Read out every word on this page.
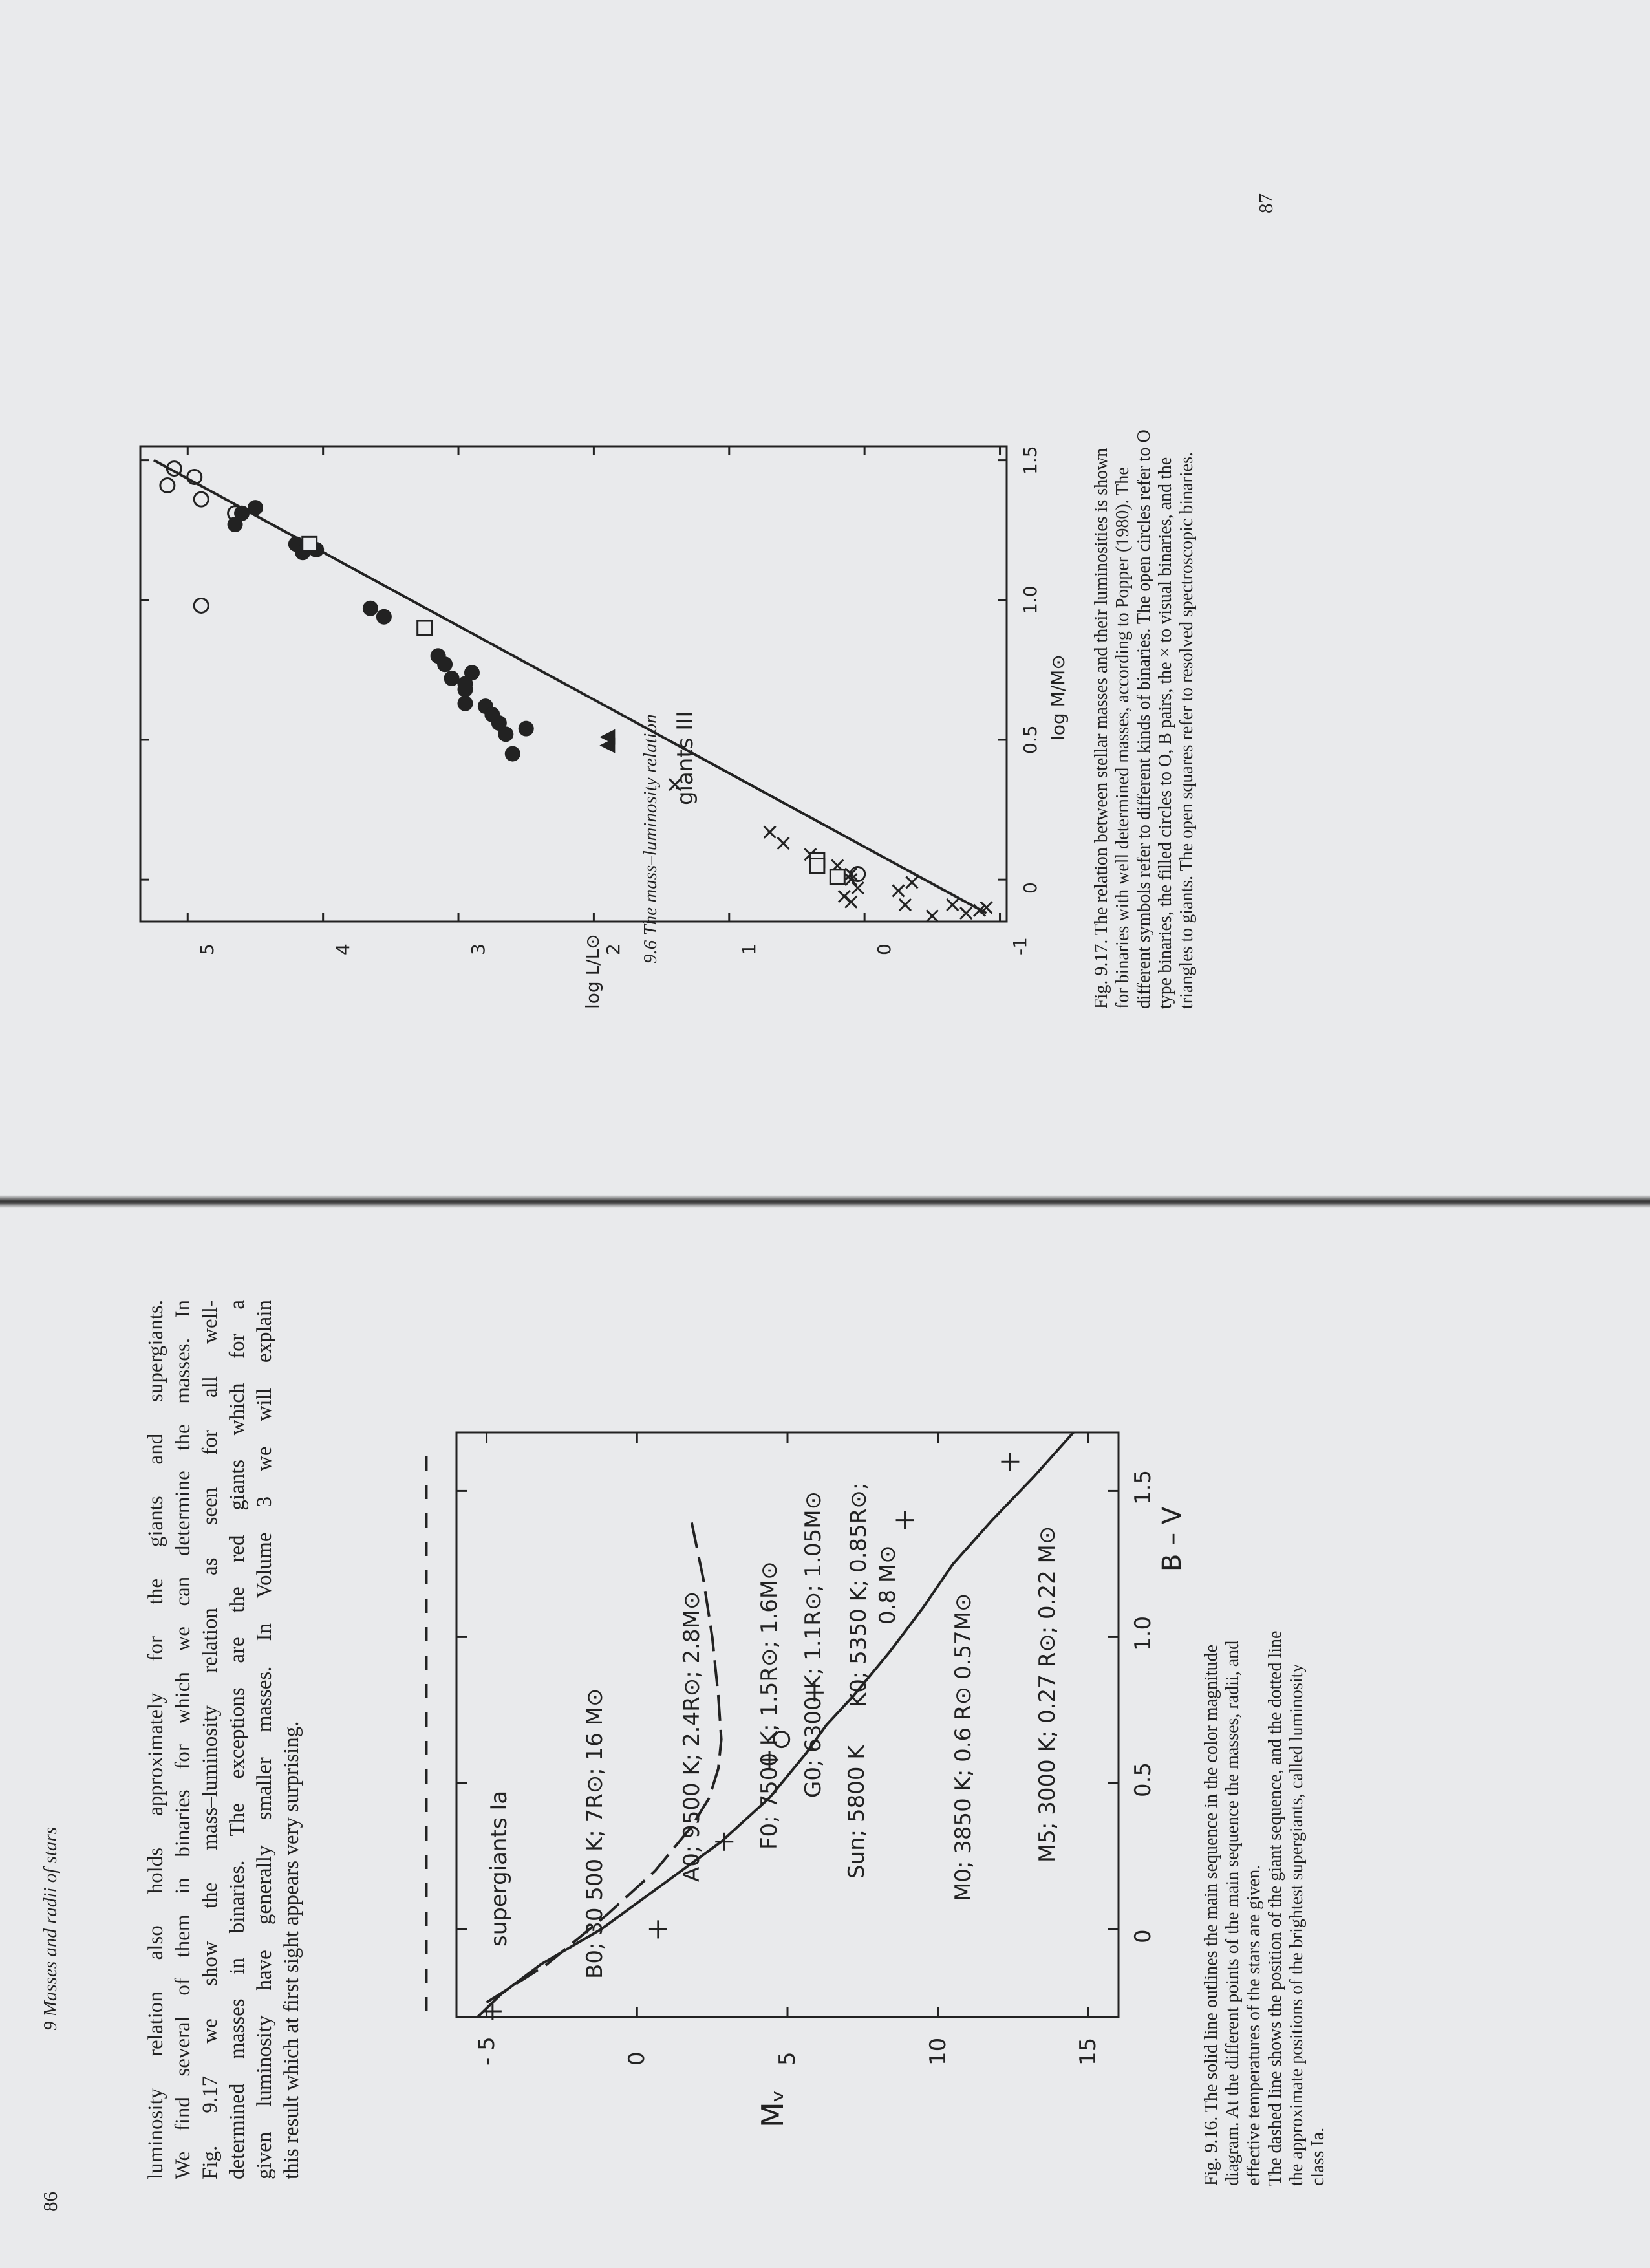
86
9 Masses and radii of stars	luminosity relation also holds approximately for the giants and supergiants. We find several of them in binaries for which we can determine the masses. In Fig. 9.17 we show the mass–luminosity relation as seen for all well- determined masses in binaries. The exceptions are the red giants which for a given luminosity have generally smaller masses. In Volume 3 we will explain this result which at first sight appears very surprising.	- 5	0	5	10	15
0
0.5
1.0
1.5
Mᵥ
B – V
supergiants Ia
giants III
B0; 30 500 K; 7R⊙; 16 M⊙	A0; 9500 K; 2.4R⊙; 2.8M⊙ F0; 7500 K; 1.5R⊙; 1.6M⊙ G0; 6300 K; 1.1R⊙; 1.05M⊙
Sun; 5800 K
K0; 5350 K; 0.85R⊙; 0.8 M⊙
M0; 3850 K; 0.6 R⊙ 0.57M⊙	M5; 3000 K; 0.27 R⊙; 0.22 M⊙	Fig. 9.16. The solid line outlines the main sequence in the color magnitude diagram. At the different points of the main sequence the masses, radii, and effective temperatures of the stars are given. The dashed line shows the position of the giant sequence, and the dotted line the approximate positions of the brightest supergiants, called luminosity class Ia.
87
9.6 The mass–luminosity relation	-1
0
1
2
3
4
5
0
0.5
1.0
1.5
log L/L⊙
log M/M⊙ Fig. 9.17. The relation between stellar masses and their luminosities is shown for binaries with well determined masses, according to Popper (1980). The different symbols refer to different kinds of binaries. The open circles refer to O type binaries, the filled circles to O, B pairs, the × to visual binaries, and the triangles to giants. The open squares refer to resolved spectroscopic binaries.
